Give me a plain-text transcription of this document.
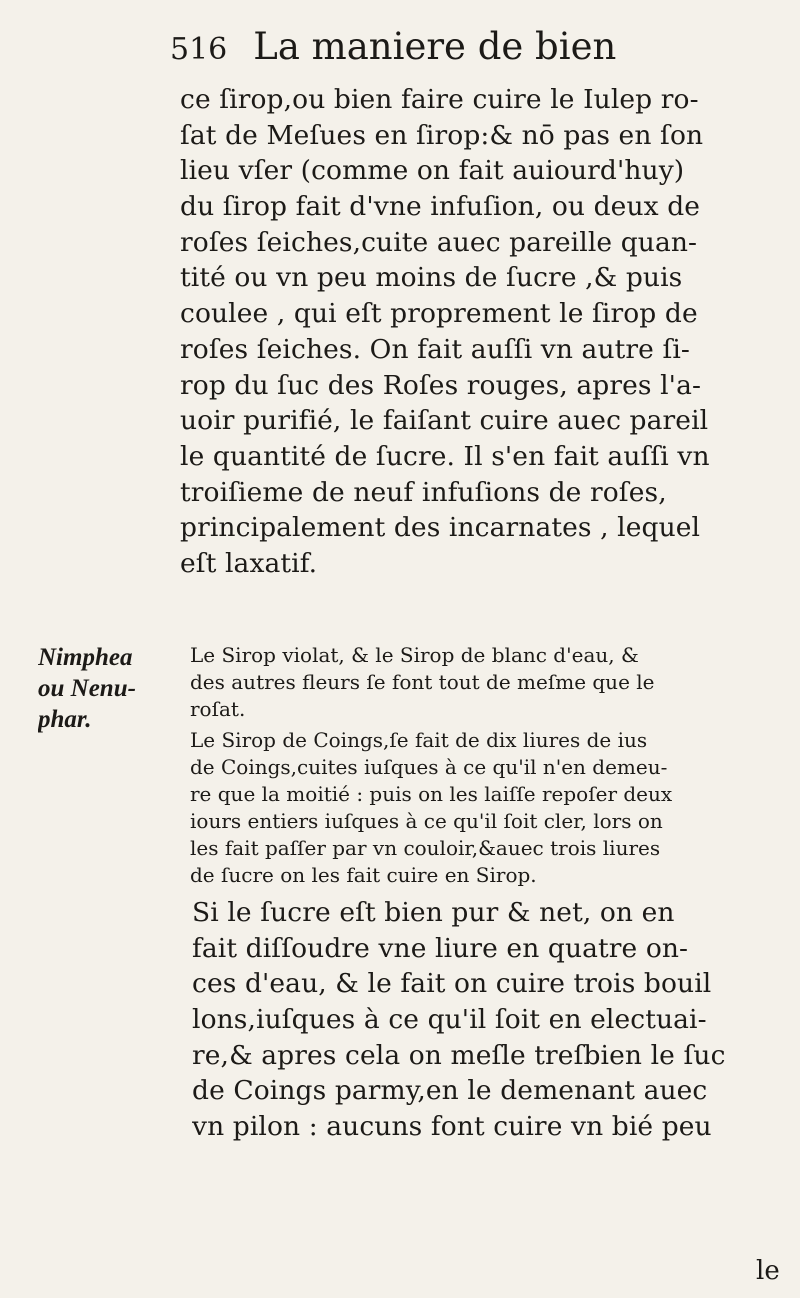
516 La maniere de bien
ce ſirop,ou bien faire cuire le Iulep ro-
ſat de Meſues en ſirop:& nō pas en ſon
lieu vſer (comme on fait auiourd'huy)
du ſirop fait d'vne infuſion, ou deux de
roſes ſeiches,cuite auec pareille quan-
tité ou vn peu moins de ſucre ,& puis
coulee , qui eſt proprement le ſirop de
roſes ſeiches. On fait auſſi vn autre ſi-
rop du ſuc des Roſes rouges, apres l'a-
uoir purifié, le faiſant cuire auec pareil
le quantité de ſucre. Il s'en fait auſſi vn
troiſieme de neuf infuſions de roſes,
principalement des incarnates , lequel
eſt laxatif.
Nimphea
ou Nenu-
phar.
Le Sirop violat, & le Sirop de blanc d'eau, &
des autres fleurs ſe font tout de meſme que le
roſat.
Le Sirop de Coings,ſe fait de dix liures de ius
de Coings,cuites iuſques à ce qu'il n'en demeu-
re que la moitié : puis on les laiſſe repoſer deux
iours entiers iuſques à ce qu'il ſoit cler, lors on
les fait paſſer par vn couloir,&auec trois liures
de ſucre on les fait cuire en Sirop.
Si le ſucre eſt bien pur & net, on en
fait diſſoudre vne liure en quatre on-
ces d'eau, & le fait on cuire trois bouil
lons,iuſques à ce qu'il ſoit en electuai-
re,& apres cela on meſle treſbien le ſuc
de Coings parmy,en le demenant auec
vn pilon : aucuns font cuire vn bié peu
le
